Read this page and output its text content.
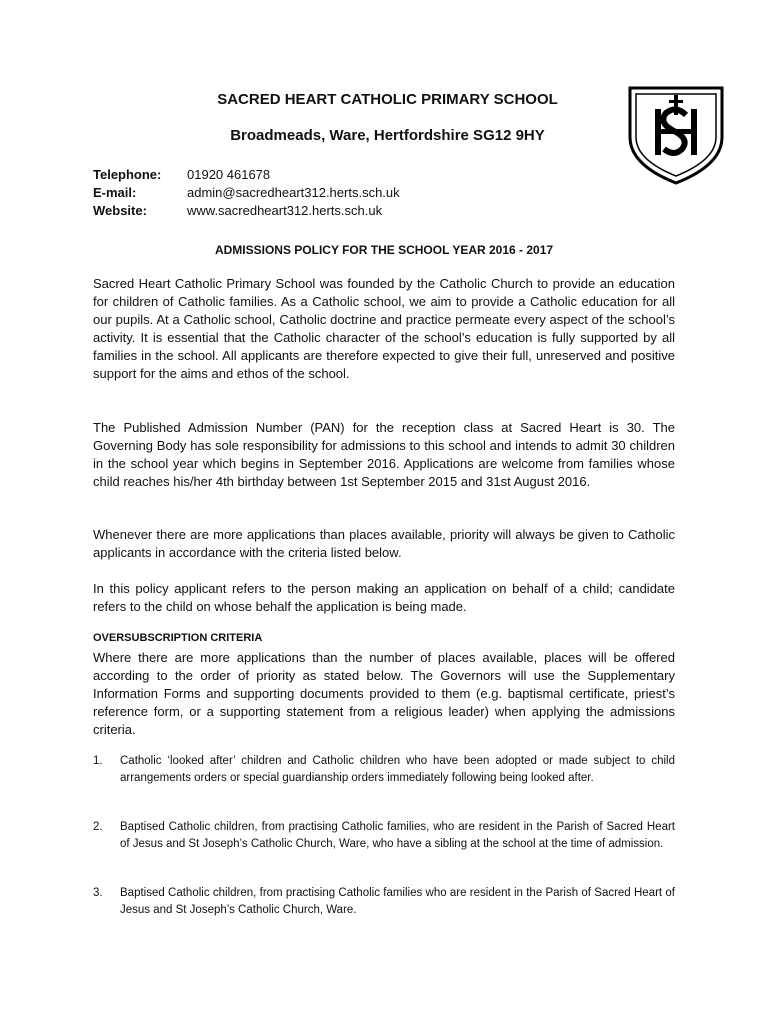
SACRED HEART CATHOLIC PRIMARY SCHOOL
Broadmeads, Ware, Hertfordshire SG12 9HY
Telephone:	01920 461678
E-mail:	admin@sacredheart312.herts.sch.uk
Website:	www.sacredheart312.herts.sch.uk
ADMISSIONS POLICY FOR THE SCHOOL YEAR 2016 - 2017

Sacred Heart Catholic Primary School was founded by the Catholic Church to provide an education for children of Catholic families. As a Catholic school, we aim to provide a Catholic education for all our pupils. At a Catholic school, Catholic doctrine and practice permeate every aspect of the school’s activity. It is essential that the Catholic character of the school’s education is fully supported by all families in the school. All applicants are therefore expected to give their full, unreserved and positive support for the aims and ethos of the school.

The Published Admission Number (PAN) for the reception class at Sacred Heart is 30. The Governing Body has sole responsibility for admissions to this school and intends to admit 30 children in the school year which begins in September 2016. Applications are welcome from families whose child reaches his/her 4th birthday between 1st September 2015 and 31st August 2016.

Whenever there are more applications than places available, priority will always be given to Catholic applicants in accordance with the criteria listed below.

In this policy applicant refers to the person making an application on behalf of a child; candidate refers to the child on whose behalf the application is being made.

OVERSUBSCRIPTION CRITERIA

Where there are more applications than the number of places available, places will be offered according to the order of priority as stated below. The Governors will use the Supplementary Information Forms and supporting documents provided to them (e.g. baptismal certificate, priest’s reference form, or a supporting statement from a religious leader) when applying the admissions criteria.

1.	Catholic ‘looked after’ children and Catholic children who have been adopted or made subject to child arrangements orders or special guardianship orders immediately following being looked after.
2.	Baptised Catholic children, from practising Catholic families, who are resident in the Parish of Sacred Heart of Jesus and St Joseph’s Catholic Church, Ware, who have a sibling at the school at the time of admission.
3.	Baptised Catholic children, from practising Catholic families who are resident in the Parish of Sacred Heart of Jesus and St Joseph’s Catholic Church, Ware.
